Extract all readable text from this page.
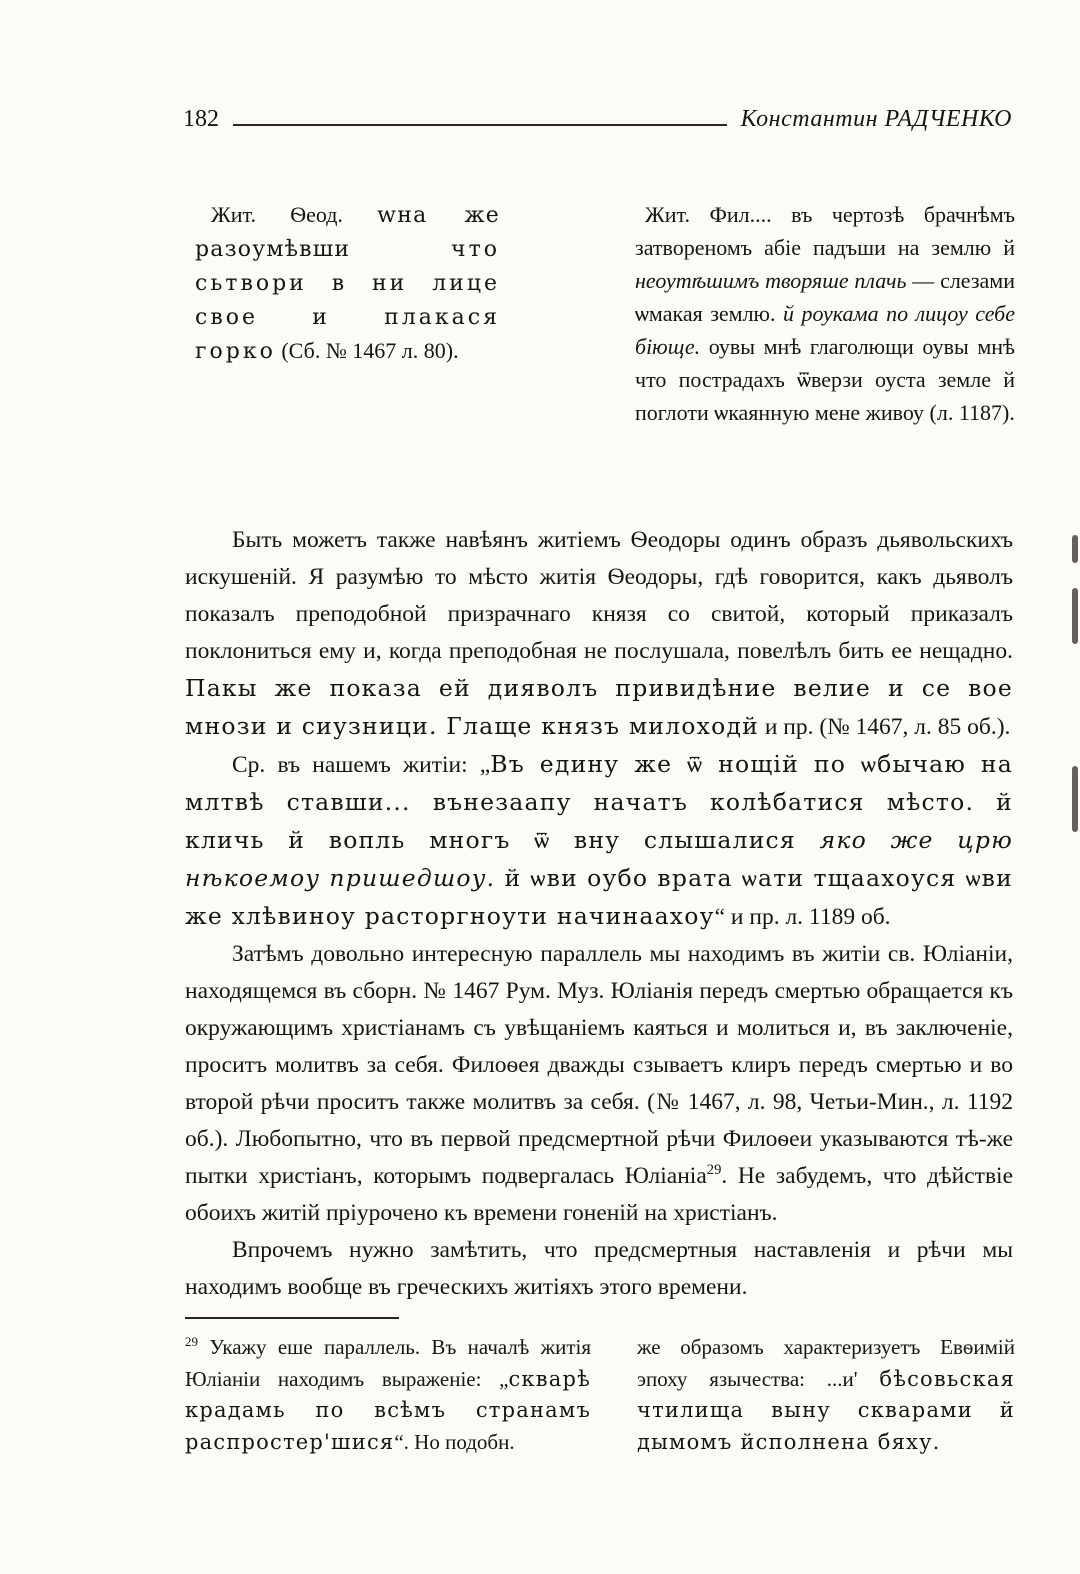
182	Константин РАДЧЕНКО
Жит. Ѳеод. wна же разоумѣвши что сьтвори в ни лице свое и плакася горко (Сб. № 1467 л. 80).
Жит. Фил.... въ чертозѣ брачнѣмъ затвореномъ абіе падъши на землю й неоутѣшимъ творяше плачь — слезами ѡмакая землю. й роукама по лицоу себе біюще. оувы мнѣ глаголющи оувы мнѣ что пострадахъ ѿверзи оуста земле й поглоти ѡкаянную мене живоу (л. 1187).

Быть можетъ также навѣянъ житіемъ Ѳеодоры одинъ образъ дьявольскихъ искушеній. Я разумѣю то мѣсто житія Ѳеодоры, гдѣ говорится, какъ дьяволъ показалъ преподобной призрачнаго князя со свитой, который приказалъ поклониться ему и, когда преподобная не послушала, повелѣлъ бить ее нещадно. Пакы же показа ей дияволъ привидѣние велие и се вое мнози и сиузници. Глаще князъ милоходй и пр. (№ 1467, л. 85 об.).

Ср. въ нашемъ житіи: „Въ едину же ѿ нощій по ѡбычаю на млтвѣ ставши... вънезаапу начатъ колѣбатися мѣсто. й кличь й вопль многъ ѿ вну слышалися яко же црю нѣкоемоу пришедшоу. й ѡви оубо врата ѡати тщаахоуся ѡви же хлѣвиноу расторгноути начинаахоу“ и пр. л. 1189 об.

Затѣмъ довольно интересную параллель мы находимъ въ житіи св. Юліаніи, находящемся въ сборн. № 1467 Рум. Муз. Юліанія передъ смертью обращается къ окружающимъ христіанамъ съ увѣщаніемъ каяться и молиться и, въ заключеніе, проситъ молитвъ за себя. Филоѳея дважды сзываетъ клиръ передъ смертью и во второй рѣчи проситъ также молитвъ за себя. (№ 1467, л. 98, Четьи-Мин., л. 1192 об.). Любопытно, что въ первой предсмертной рѣчи Филоѳеи указываются тѣ-же пытки христіанъ, которымъ подвергалась Юліаніа$^{29}$. Не забудемъ, что дѣйствіе обоихъ житій пріурочено къ времени гоненій на христіанъ.

Впрочемъ нужно замѣтить, что предсмертныя наставленія и рѣчи мы находимъ вообще въ греческихъ житіяхъ этого времени.

$^{29}$ Укажу еше параллель. Въ началѣ житія Юліаніи находимъ выраженіе: „скварѣ крадамь по всѣмъ странамъ распростер'шися“. Но подобн.
же образомъ характеризуетъ Евѳимій эпоху язычества: ...и' бѣсовьская чтилища выну скварами й дымомъ йсполнена бяху.
